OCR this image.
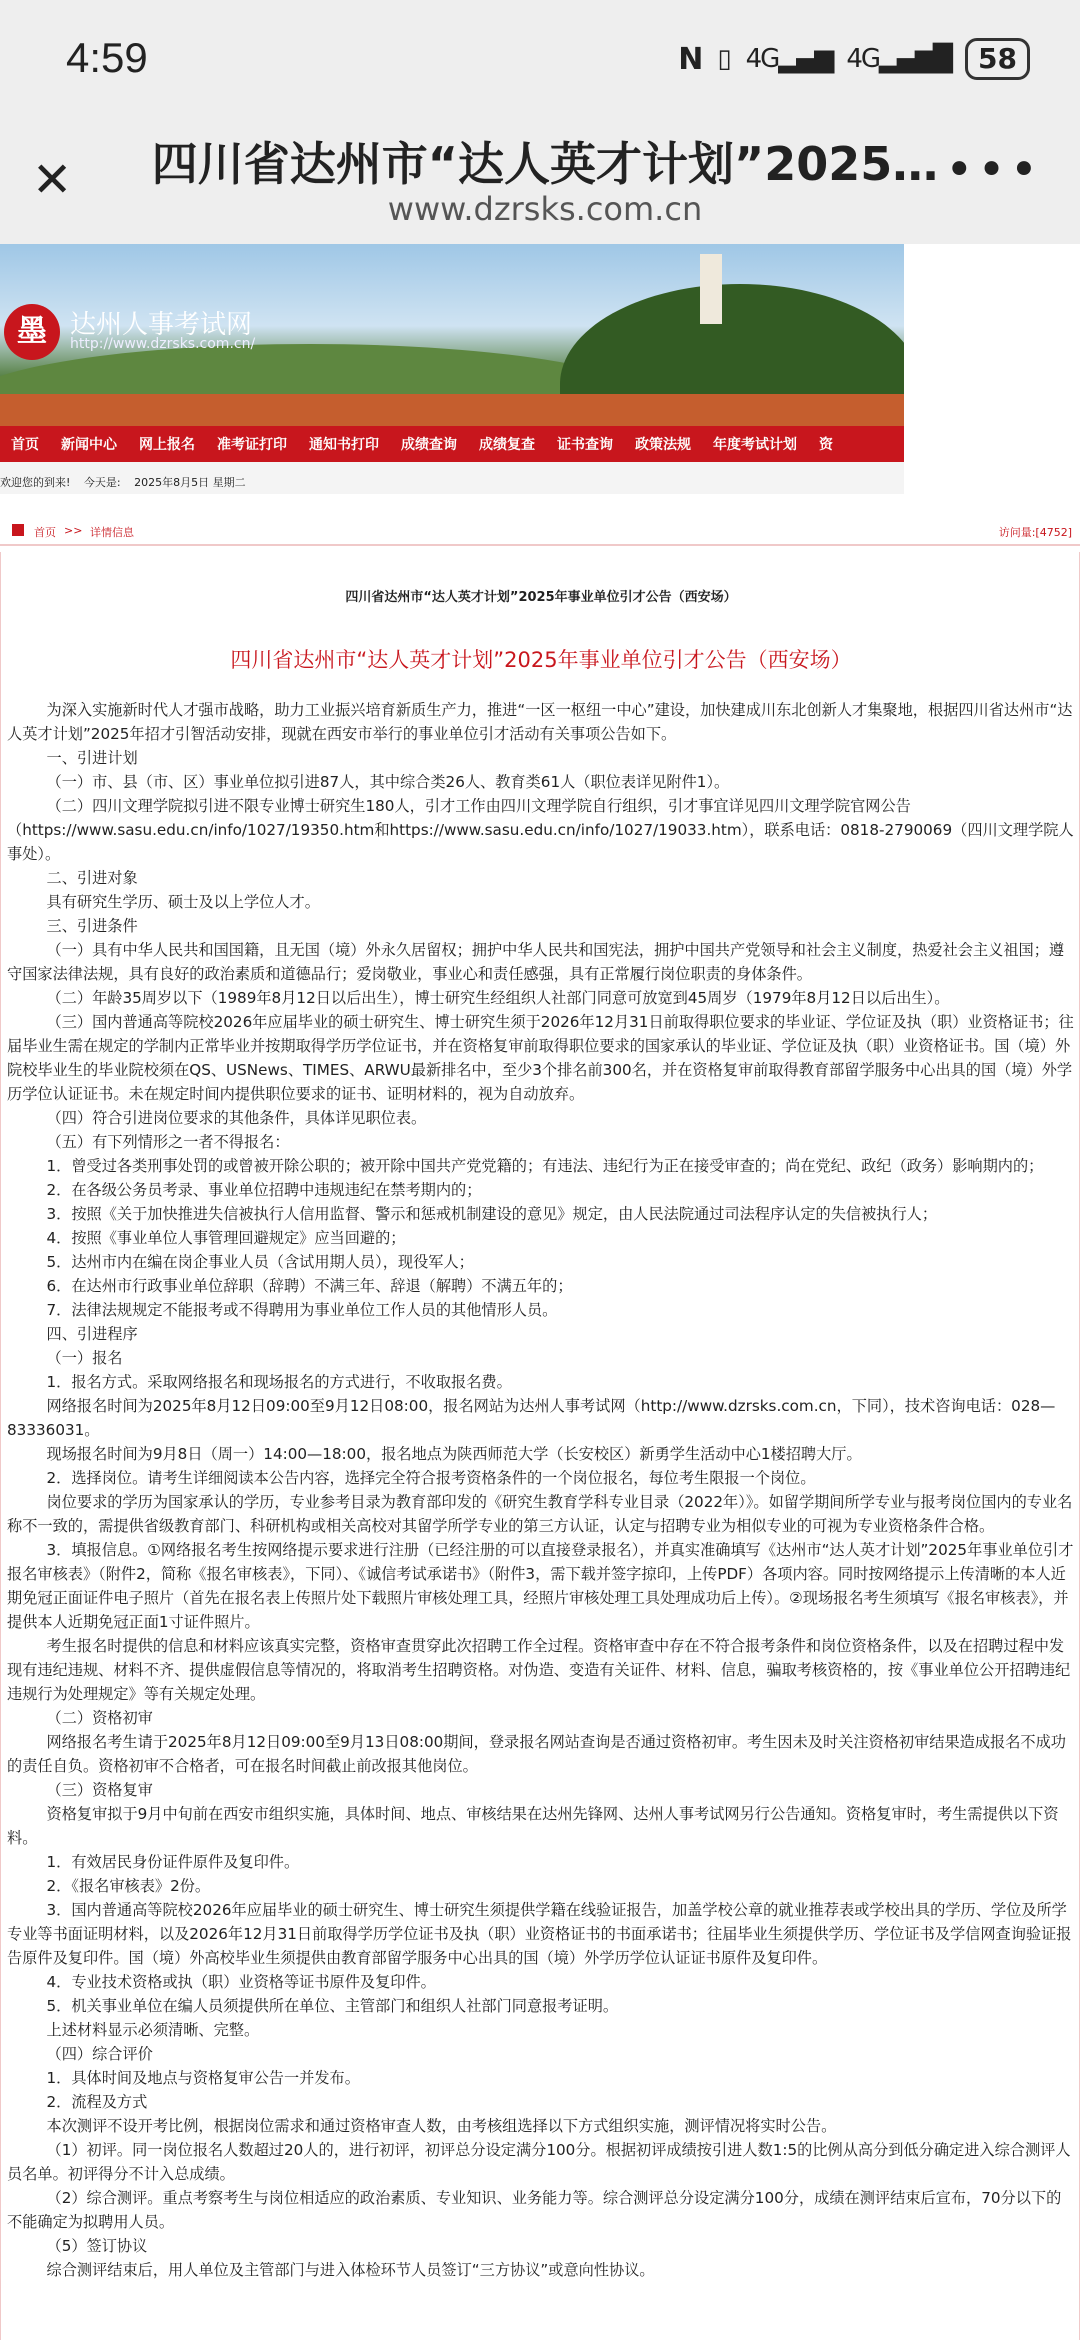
4:59	N ▯ 4G▂▄▆ 4G▂▄▆█ 58
✕ 四川省达州市“达人英才计划”2025…
www.dzrsks.com.cn
•••
墨 达州人事考试网
http://www.dzrsks.com.cn/
首页	新闻中心	网上报名	准考证打印	通知书打印	成绩查询	成绩复查	证书查询	政策法规	年度考试计划	资
欢迎您的到来! 今天是: 2025年8月5日 星期二
首页 >> 详情信息	访问量:[4752]
四川省达州市“达人英才计划”2025年事业单位引才公告（西安场）
四川省达州市“达人英才计划”2025年事业单位引才公告（西安场）

为深入实施新时代人才强市战略，助力工业振兴培育新质生产力，推进“一区一枢纽一中心”建设，加快建成川东北创新人才集聚地，根据四川省达州市“达人英才计划”2025年招才引智活动安排，现就在西安市举行的事业单位引才活动有关事项公告如下。

一、引进计划

（一）市、县（市、区）事业单位拟引进87人，其中综合类26人、教育类61人（职位表详见附件1）。

（二）四川文理学院拟引进不限专业博士研究生180人，引才工作由四川文理学院自行组织，引才事宜详见四川文理学院官网公告（https://www.sasu.edu.cn/info/1027/19350.htm和https://www.sasu.edu.cn/info/1027/19033.htm），联系电话：0818-2790069（四川文理学院人事处）。

二、引进对象

具有研究生学历、硕士及以上学位人才。

三、引进条件

（一）具有中华人民共和国国籍，且无国（境）外永久居留权；拥护中华人民共和国宪法，拥护中国共产党领导和社会主义制度，热爱社会主义祖国；遵守国家法律法规，具有良好的政治素质和道德品行；爱岗敬业，事业心和责任感强，具有正常履行岗位职责的身体条件。

（二）年龄35周岁以下（1989年8月12日以后出生），博士研究生经组织人社部门同意可放宽到45周岁（1979年8月12日以后出生）。

（三）国内普通高等院校2026年应届毕业的硕士研究生、博士研究生须于2026年12月31日前取得职位要求的毕业证、学位证及执（职）业资格证书；往届毕业生需在规定的学制内正常毕业并按期取得学历学位证书，并在资格复审前取得职位要求的国家承认的毕业证、学位证及执（职）业资格证书。国（境）外院校毕业生的毕业院校须在QS、USNews、TIMES、ARWU最新排名中，至少3个排名前300名，并在资格复审前取得教育部留学服务中心出具的国（境）外学历学位认证证书。未在规定时间内提供职位要求的证书、证明材料的，视为自动放弃。

（四）符合引进岗位要求的其他条件，具体详见职位表。

（五）有下列情形之一者不得报名：

1．曾受过各类刑事处罚的或曾被开除公职的；被开除中国共产党党籍的；有违法、违纪行为正在接受审查的；尚在党纪、政纪（政务）影响期内的；

2．在各级公务员考录、事业单位招聘中违规违纪在禁考期内的；

3．按照《关于加快推进失信被执行人信用监督、警示和惩戒机制建设的意见》规定，由人民法院通过司法程序认定的失信被执行人；

4．按照《事业单位人事管理回避规定》应当回避的；

5．达州市内在编在岗企事业人员（含试用期人员），现役军人；

6．在达州市行政事业单位辞职（辞聘）不满三年、辞退（解聘）不满五年的；

7．法律法规规定不能报考或不得聘用为事业单位工作人员的其他情形人员。

四、引进程序

（一）报名

1．报名方式。采取网络报名和现场报名的方式进行，不收取报名费。

网络报名时间为2025年8月12日09:00至9月12日08:00，报名网站为达州人事考试网（http://www.dzrsks.com.cn，下同），技术咨询电话：028—83336031。

现场报名时间为9月8日（周一）14:00—18:00，报名地点为陕西师范大学（长安校区）新勇学生活动中心1楼招聘大厅。

2．选择岗位。请考生详细阅读本公告内容，选择完全符合报考资格条件的一个岗位报名，每位考生限报一个岗位。

岗位要求的学历为国家承认的学历，专业参考目录为教育部印发的《研究生教育学科专业目录（2022年）》。如留学期间所学专业与报考岗位国内的专业名称不一致的，需提供省级教育部门、科研机构或相关高校对其留学所学专业的第三方认证，认定与招聘专业为相似专业的可视为专业资格条件合格。

3．填报信息。①网络报名考生按网络提示要求进行注册（已经注册的可以直接登录报名），并真实准确填写《达州市“达人英才计划”2025年事业单位引才报名审核表》（附件2，简称《报名审核表》，下同）、《诚信考试承诺书》（附件3，需下载并签字掠印，上传PDF）各项内容。同时按网络提示上传清晰的本人近期免冠正面证件电子照片（首先在报名表上传照片处下载照片审核处理工具，经照片审核处理工具处理成功后上传）。②现场报名考生须填写《报名审核表》，并提供本人近期免冠正面1寸证件照片。

考生报名时提供的信息和材料应该真实完整，资格审查贯穿此次招聘工作全过程。资格审查中存在不符合报考条件和岗位资格条件，以及在招聘过程中发现有违纪违规、材料不齐、提供虚假信息等情况的，将取消考生招聘资格。对伪造、变造有关证件、材料、信息，骗取考核资格的，按《事业单位公开招聘违纪违规行为处理规定》等有关规定处理。

（二）资格初审

网络报名考生请于2025年8月12日09:00至9月13日08:00期间，登录报名网站查询是否通过资格初审。考生因未及时关注资格初审结果造成报名不成功的责任自负。资格初审不合格者，可在报名时间截止前改报其他岗位。

（三）资格复审

资格复审拟于9月中旬前在西安市组织实施，具体时间、地点、审核结果在达州先锋网、达州人事考试网另行公告通知。资格复审时，考生需提供以下资料。

1．有效居民身份证件原件及复印件。

2．《报名审核表》2份。

3．国内普通高等院校2026年应届毕业的硕士研究生、博士研究生须提供学籍在线验证报告，加盖学校公章的就业推荐表或学校出具的学历、学位及所学专业等书面证明材料，以及2026年12月31日前取得学历学位证书及执（职）业资格证书的书面承诺书；往届毕业生须提供学历、学位证书及学信网查询验证报告原件及复印件。国（境）外高校毕业生须提供由教育部留学服务中心出具的国（境）外学历学位认证证书原件及复印件。

4．专业技术资格或执（职）业资格等证书原件及复印件。

5．机关事业单位在编人员须提供所在单位、主管部门和组织人社部门同意报考证明。

上述材料显示必须清晰、完整。

（四）综合评价

1．具体时间及地点与资格复审公告一并发布。

2．流程及方式

本次测评不设开考比例，根据岗位需求和通过资格审查人数，由考核组选择以下方式组织实施，测评情况将实时公告。

（1）初评。同一岗位报名人数超过20人的，进行初评，初评总分设定满分100分。根据初评成绩按引进人数1:5的比例从高分到低分确定进入综合测评人员名单。初评得分不计入总成绩。

（2）综合测评。重点考察考生与岗位相适应的政治素质、专业知识、业务能力等。综合测评总分设定满分100分，成绩在测评结束后宣布，70分以下的不能确定为拟聘用人员。

（5）签订协议

综合测评结束后，用人单位及主管部门与进入体检环节人员签订“三方协议”或意向性协议。
